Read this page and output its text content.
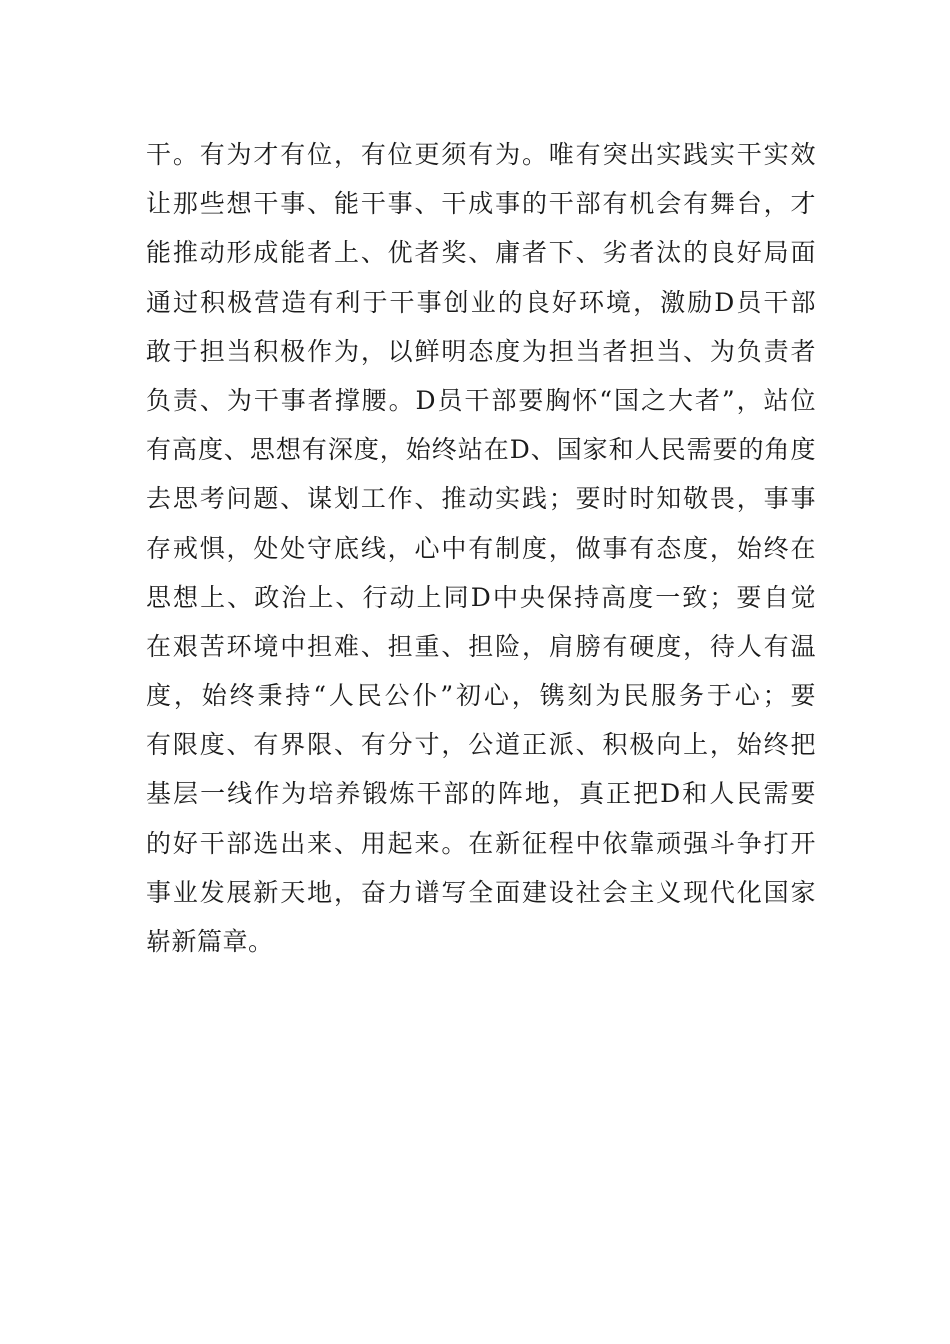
干。有为才有位，有位更须有为。唯有突出实践实干实效
让那些想干事、能干事、干成事的干部有机会有舞台，才
能推动形成能者上、优者奖、庸者下、劣者汰的良好局面
通过积极营造有利于干事创业的良好环境，激励D员干部
敢于担当积极作为，以鲜明态度为担当者担当、为负责者
负责、为干事者撑腰。D员干部要胸怀“国之大者”，站位
有高度、思想有深度，始终站在D、国家和人民需要的角度
去思考问题、谋划工作、推动实践；要时时知敬畏，事事
存戒惧，处处守底线，心中有制度，做事有态度，始终在
思想上、政治上、行动上同D中央保持高度一致；要自觉
在艰苦环境中担难、担重、担险，肩膀有硬度，待人有温
度，始终秉持“人民公仆”初心，镌刻为民服务于心；要
有限度、有界限、有分寸，公道正派、积极向上，始终把
基层一线作为培养锻炼干部的阵地，真正把D和人民需要
的好干部选出来、用起来。在新征程中依靠顽强斗争打开
事业发展新天地，奋力谱写全面建设社会主义现代化国家
崭新篇章。
